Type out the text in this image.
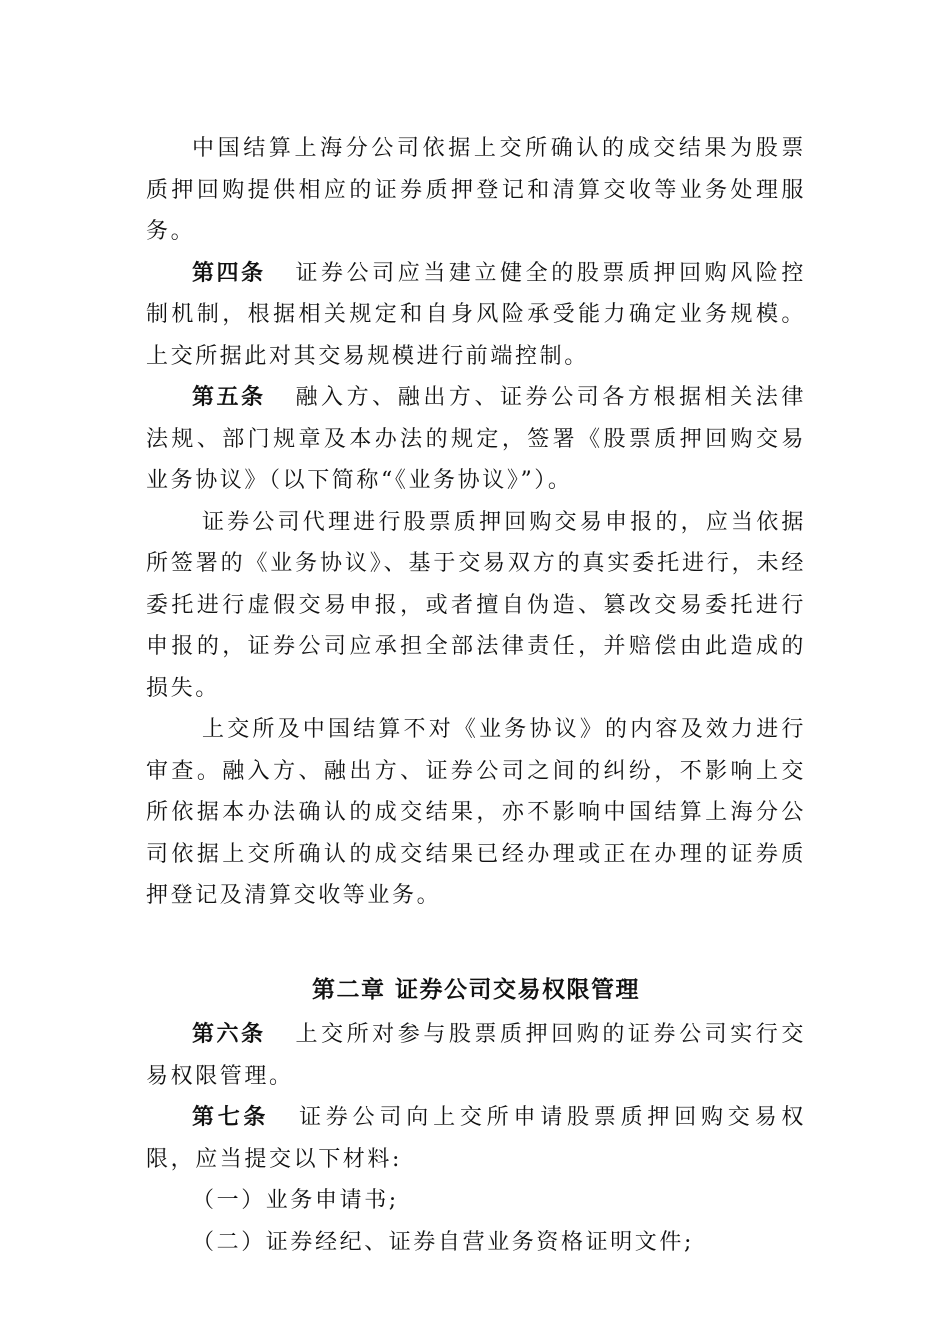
中国结算上海分公司依据上交所确认的成交结果为股票质押回购提供相应的证券质押登记和清算交收等业务处理服务。

第四条 证券公司应当建立健全的股票质押回购风险控制机制，根据相关规定和自身风险承受能力确定业务规模。上交所据此对其交易规模进行前端控制。

第五条 融入方、融出方、证券公司各方根据相关法律法规、部门规章及本办法的规定，签署《股票质押回购交易业务协议》（以下简称“《业务协议》”）。

证券公司代理进行股票质押回购交易申报的，应当依据所签署的《业务协议》、基于交易双方的真实委托进行，未经委托进行虚假交易申报，或者擅自伪造、篡改交易委托进行申报的，证券公司应承担全部法律责任，并赔偿由此造成的损失。

上交所及中国结算不对《业务协议》的内容及效力进行审查。融入方、融出方、证券公司之间的纠纷，不影响上交所依据本办法确认的成交结果，亦不影响中国结算上海分公司依据上交所确认的成交结果已经办理或正在办理的证券质押登记及清算交收等业务。

第二章 证券公司交易权限管理

第六条 上交所对参与股票质押回购的证券公司实行交易权限管理。

第七条 证券公司向上交所申请股票质押回购交易权限，应当提交以下材料:

（一）业务申请书;

（二）证券经纪、证券自营业务资格证明文件;
